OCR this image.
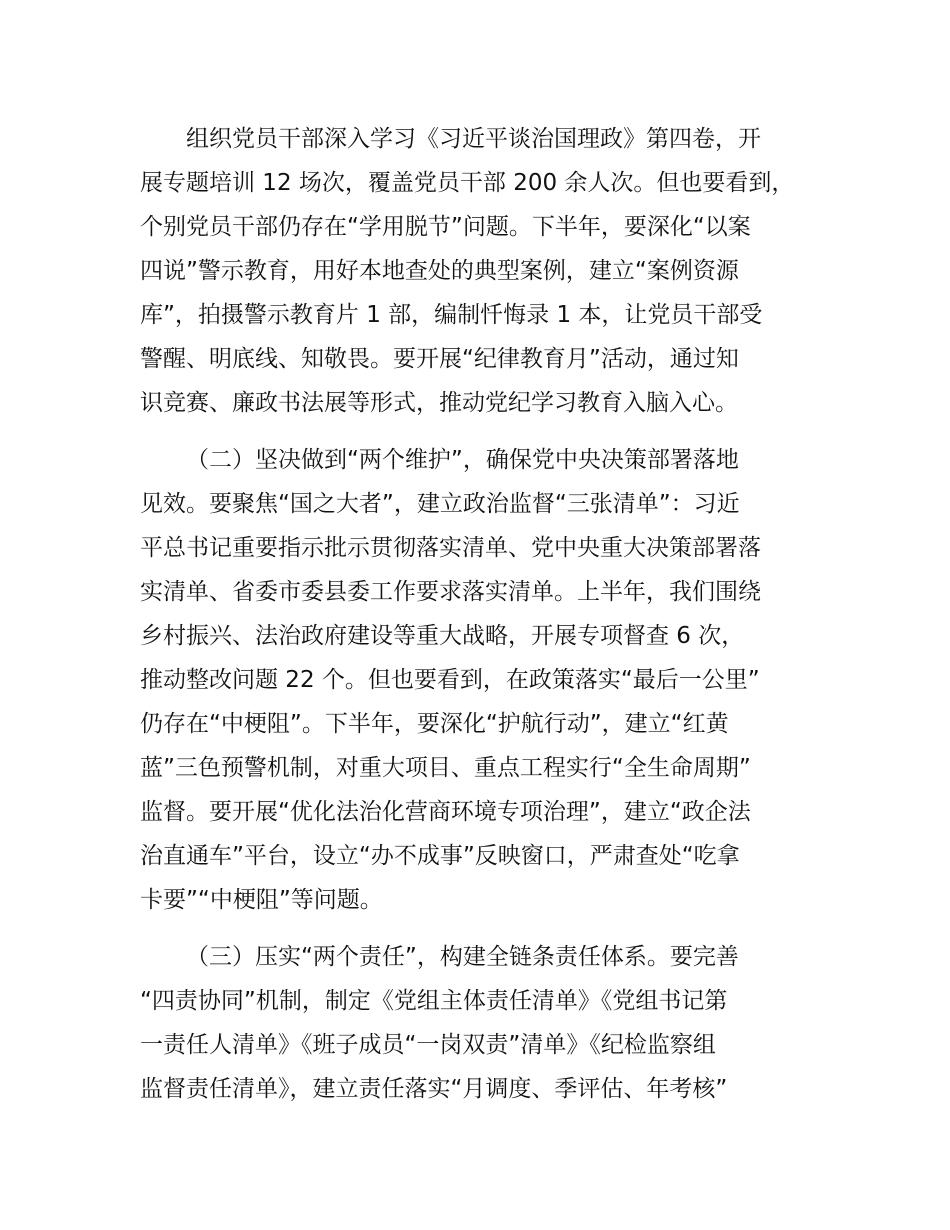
组织党员干部深入学习《习近平谈治国理政》第四卷，开
展专题培训 12 场次，覆盖党员干部 200 余人次。但也要看到，
个别党员干部仍存在“学用脱节”问题。下半年，要深化“以案
四说”警示教育，用好本地查处的典型案例，建立“案例资源
库”，拍摄警示教育片 1 部，编制忏悔录 1 本，让党员干部受
警醒、明底线、知敬畏。要开展“纪律教育月”活动，通过知
识竞赛、廉政书法展等形式，推动党纪学习教育入脑入心。
（二）坚决做到“两个维护”，确保党中央决策部署落地
见效。要聚焦“国之大者”，建立政治监督“三张清单”：习近
平总书记重要指示批示贯彻落实清单、党中央重大决策部署落
实清单、省委市委县委工作要求落实清单。上半年，我们围绕
乡村振兴、法治政府建设等重大战略，开展专项督查 6 次，
推动整改问题 22 个。但也要看到，在政策落实“最后一公里”
仍存在“中梗阻”。下半年，要深化“护航行动”，建立“红黄
蓝”三色预警机制，对重大项目、重点工程实行“全生命周期”
监督。要开展“优化法治化营商环境专项治理”，建立“政企法
治直通车”平台，设立“办不成事”反映窗口，严肃查处“吃拿
卡要”“中梗阻”等问题。
（三）压实“两个责任”，构建全链条责任体系。要完善
“四责协同”机制，制定《党组主体责任清单》《党组书记第
一责任人清单》《班子成员“一岗双责”清单》《纪检监察组
监督责任清单》，建立责任落实“月调度、季评估、年考核”
